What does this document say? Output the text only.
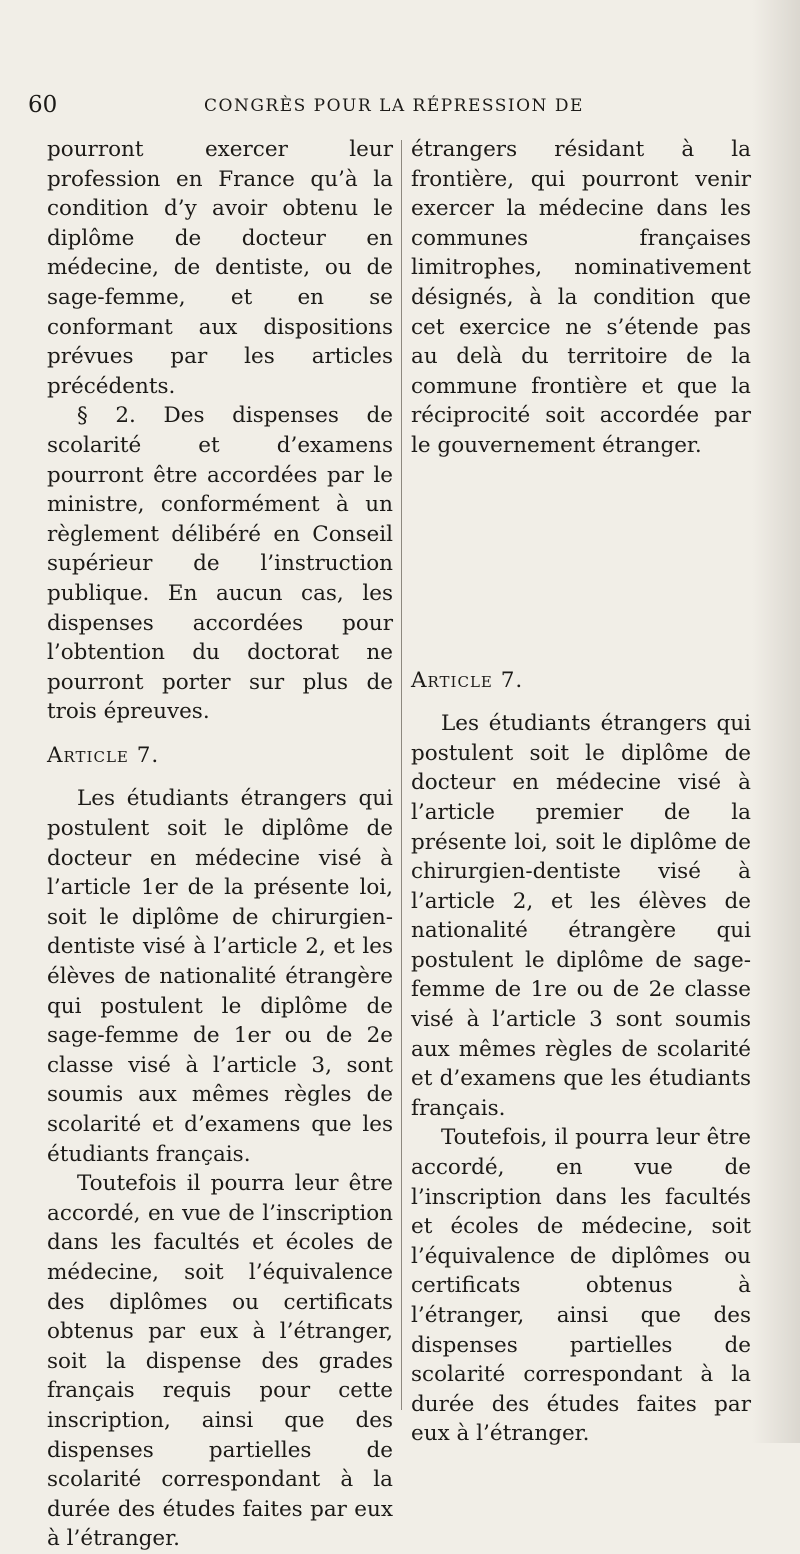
60	CONGRÈS POUR LA RÉPRESSION DE

pourront exercer leur profession en France qu’à la condition d’y avoir obtenu le diplôme de docteur en médecine, de dentiste, ou de sage-femme, et en se conformant aux dispositions prévues par les articles précédents.

§ 2. Des dispenses de scolarité et d’examens pourront être accordées par le ministre, conformément à un règlement délibéré en Conseil supérieur de l’instruction publique. En aucun cas, les dispenses accordées pour l’obtention du doctorat ne pourront porter sur plus de trois épreuves.

Article 7.

Les étudiants étrangers qui postulent soit le diplôme de docteur en médecine visé à l’article 1er de la présente loi, soit le diplôme de chirurgien-dentiste visé à l’article 2, et les élèves de nationalité étrangère qui postulent le diplôme de sage-femme de 1er ou de 2e classe visé à l’article 3, sont soumis aux mêmes règles de scolarité et d’examens que les étudiants français.

Toutefois il pourra leur être accordé, en vue de l’inscription dans les facultés et écoles de médecine, soit l’équivalence des diplômes ou certificats obtenus par eux à l’étranger, soit la dispense des grades français requis pour cette inscription, ainsi que des dispenses partielles de scolarité correspondant à la durée des études faites par eux à l’étranger.

étrangers résidant à la frontière, qui pourront venir exercer la médecine dans les communes françaises limitrophes, nominativement désignés, à la condition que cet exercice ne s’étende pas au delà du territoire de la commune frontière et que la réciprocité soit accordée par le gouvernement étranger.

Article 7.

Les étudiants étrangers qui postulent soit le diplôme de docteur en médecine visé à l’article premier de la présente loi, soit le diplôme de chirurgien-dentiste visé à l’article 2, et les élèves de nationalité étrangère qui postulent le diplôme de sage-femme de 1re ou de 2e classe visé à l’article 3 sont soumis aux mêmes règles de scolarité et d’examens que les étudiants français.

Toutefois, il pourra leur être accordé, en vue de l’inscription dans les facultés et écoles de médecine, soit l’équivalence de diplômes ou certificats obtenus à l’étranger, ainsi que des dispenses partielles de scolarité correspondant à la durée des études faites par eux à l’étranger.
